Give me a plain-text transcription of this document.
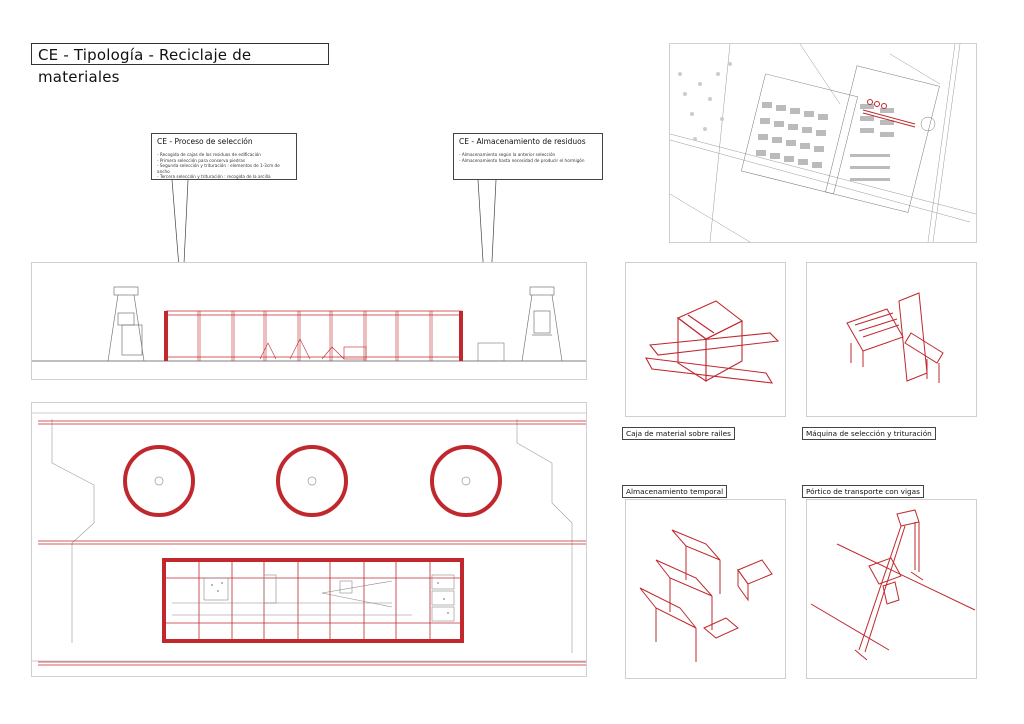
CE - Tipología - Reciclaje de materiales
CE - Proceso de selección
- Recogida de cajas de los residuos de edificación
- Primera selección para conserva piedras
- Segunda selección y trituración : elementos de 1-3cm de ancho
- Tercera selección y trituración : recogida de la arcilla
CE - Almacenamiento de residuos
- Almacenamiento según la anterior selección
- Almacenamiento hasta necesidad de producir el hormigón
Caja de material sobre railes	Máquina de selección y trituración
Almacenamiento temporal	Pórtico de transporte con vigas
